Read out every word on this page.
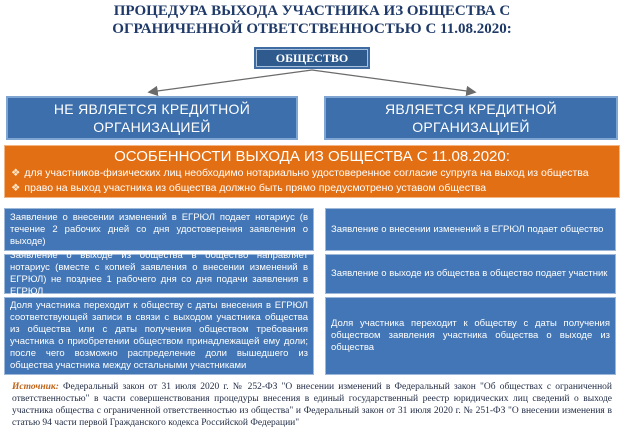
ПРОЦЕДУРА ВЫХОДА УЧАСТНИКА ИЗ ОБЩЕСТВА С ОГРАНИЧЕННОЙ ОТВЕТСТВЕННОСТЬЮ С 11.08.2020:
ОБЩЕСТВО
НЕ ЯВЛЯЕТСЯ КРЕДИТНОЙ ОРГАНИЗАЦИЕЙ
ЯВЛЯЕТСЯ КРЕДИТНОЙ ОРГАНИЗАЦИЕЙ
ОСОБЕННОСТИ ВЫХОДА ИЗ ОБЩЕСТВА С 11.08.2020:
❖ для участников-физических лиц необходимо нотариально удостоверенное согласие супруга на выход из общества
❖ право на выход участника из общества должно быть прямо предусмотрено уставом общества
Заявление о внесении изменений в ЕГРЮЛ подает нотариус (в течение 2 рабочих дней со дня удостоверения заявления о выходе)
Заявление о выходе из общества в общество направляет нотариус (вместе с копией заявления о внесении изменений в ЕГРЮЛ) не позднее 1 рабочего дня со дня подачи заявления в ЕГРЮЛ
Доля участника переходит к обществу с даты внесения в ЕГРЮЛ соответствующей записи в связи с выходом участника общества из общества или с даты получения обществом требования участника о приобретении обществом принадлежащей ему доли; после чего возможно распределение доли вышедшего из общества участника между остальными участниками
Заявление о внесении изменений в ЕГРЮЛ подает общество
Заявление о выходе из общества в общество подает участник
Доля участника переходит к обществу с даты получения обществом заявления участника общества о выходе из общества
Источник: Федеральный закон от 31 июля 2020 г. № 252-ФЗ "О внесении изменений в Федеральный закон "Об обществах с ограниченной ответственностью" в части совершенствования процедуры внесения в единый государственный реестр юридических лиц сведений о выходе участника общества с ограниченной ответственностью из общества" и Федеральный закон от 31 июля 2020 г. № 251-ФЗ "О внесении изменения в статью 94 части первой Гражданского кодекса Российской Федерации"
